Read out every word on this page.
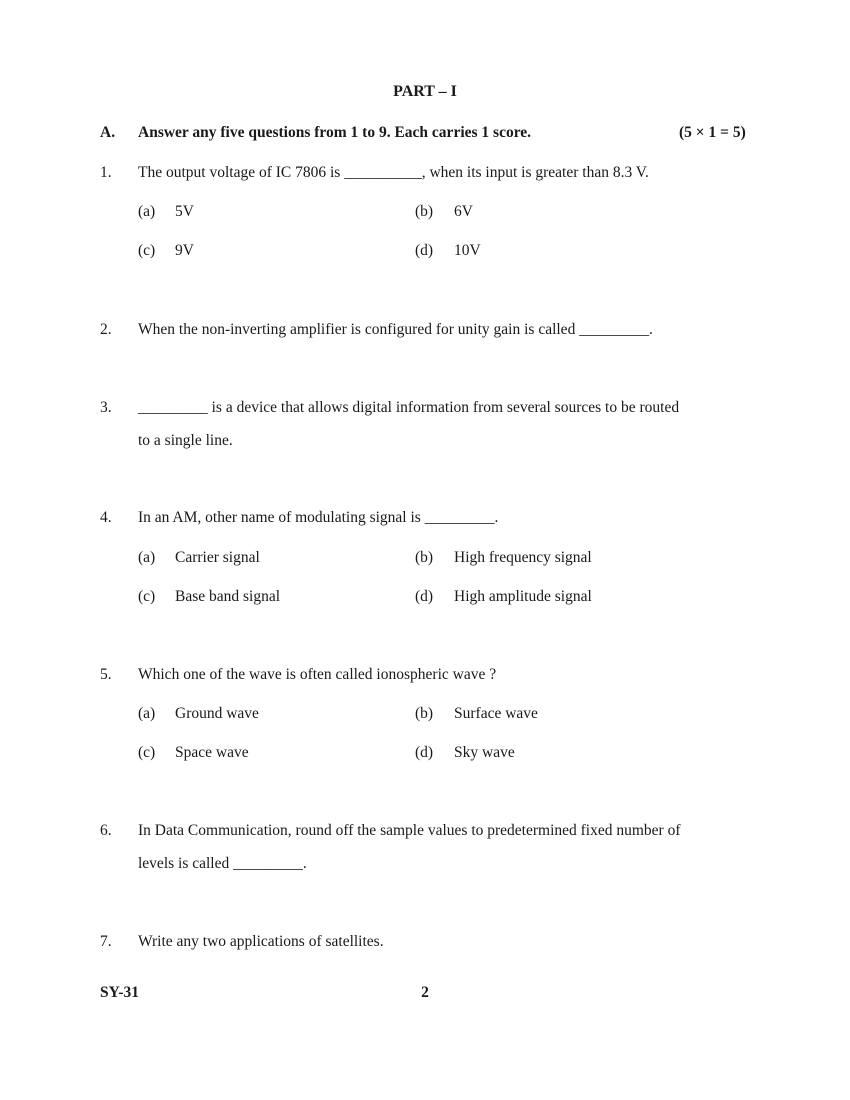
PART – I
A. Answer any five questions from 1 to 9. Each carries 1 score.	(5 × 1 = 5)
1. The output voltage of IC 7806 is __________, when its input is greater than 8.3 V.
(a) 5V	(b) 6V
(c) 9V	(d) 10V
2. When the non-inverting amplifier is configured for unity gain is called _________.
3. _________ is a device that allows digital information from several sources to be routed
to a single line.
4. In an AM, other name of modulating signal is _________.
(a) Carrier signal	(b) High frequency signal
(c) Base band signal	(d) High amplitude signal
5. Which one of the wave is often called ionospheric wave ?
(a) Ground wave	(b) Surface wave
(c) Space wave	(d) Sky wave
6. In Data Communication, round off the sample values to predetermined fixed number of
levels is called _________.
7. Write any two applications of satellites.
2
SY-31
